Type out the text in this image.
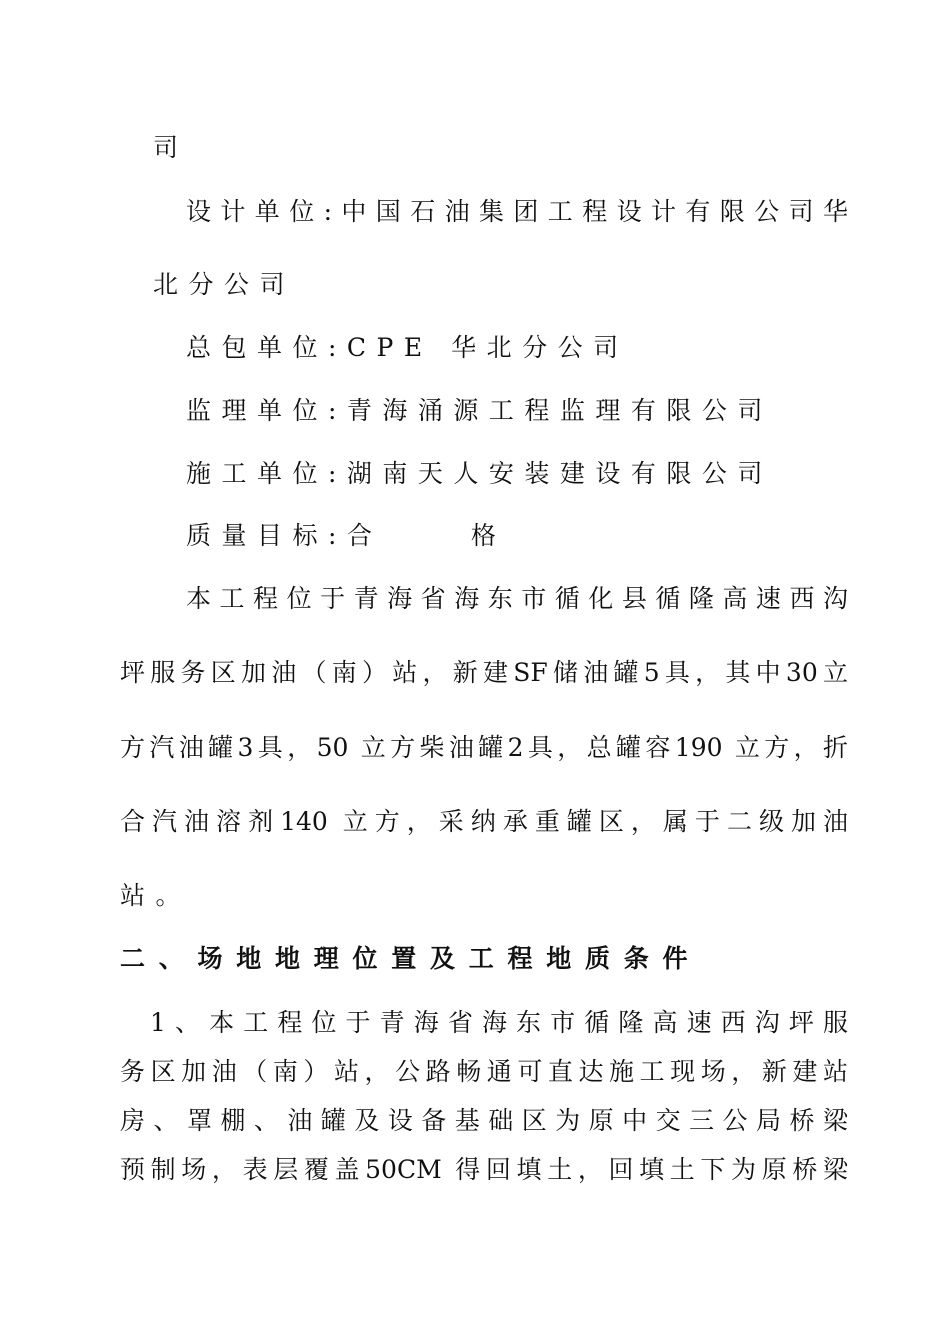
司

设计单位:中国石油集团工程设计有限公司华

北分公司

总包单位:CPE 华北分公司

监理单位:青海涌源工程监理有限公司

施工单位:湖南天人安装建设有限公司

质量目标:合 格

本工程位于青海省海东市循化县循隆高速西沟

坪服务区加油（南）站，新建SF储油罐5具，其中30立

方汽油罐3具，50 立方柴油罐2具，总罐容190 立方，折

合汽油溶剂140 立方，采纳承重罐区，属于二级加油

站。

二、场地地理位置及工程地质条件

1、本工程位于青海省海东市循隆高速西沟坪服

务区加油（南）站，公路畅通可直达施工现场，新建站

房、罩棚、油罐及设备基础区为原中交三公局桥梁

预制场，表层覆盖50CM 得回填土，回填土下为原桥梁
